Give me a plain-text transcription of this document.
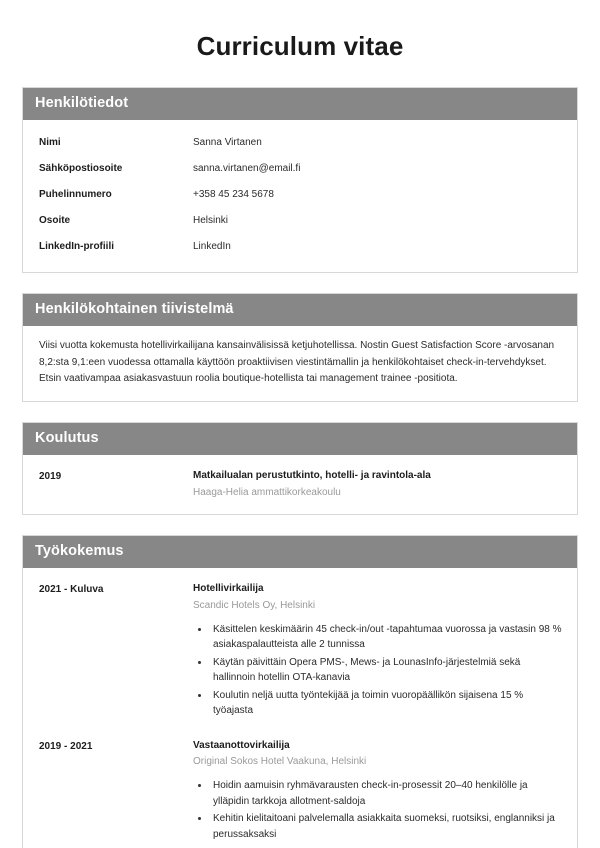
Curriculum vitae
Henkilötiedot
Nimi	Sanna Virtanen
Sähköpostiosoite	sanna.virtanen@email.fi
Puhelinnumero	+358 45 234 5678
Osoite	Helsinki
LinkedIn-profiili	LinkedIn
Henkilökohtainen tiivistelmä

Viisi vuotta kokemusta hotellivirkailijana kansainvälisissä ketjuhotellissa. Nostin Guest Satisfaction Score -arvosanan 8,2:sta 9,1:een vuodessa ottamalla käyttöön proaktiivisen viestintämallin ja henkilökohtaiset check-in-tervehdykset. Etsin vaativampaa asiakasvastuun roolia boutique-hotellista tai management trainee -positiota.

Koulutus
2019	Matkailualan perustutkinto, hotelli- ja ravintola-ala
Haaga-Helia ammattikorkeakoulu
Työkokemus
2021 - Kuluva	Hotellivirkailija
Scandic Hotels Oy, Helsinki
• Käsittelen keskimäärin 45 check-in/out -tapahtumaa vuorossa ja vastasin 98 % asiakaspalautteista alle 2 tunnissa
• Käytän päivittäin Opera PMS-, Mews- ja LounasInfo-järjestelmiä sekä hallinnoin hotellin OTA-kanavia
• Koulutin neljä uutta työntekijää ja toimin vuoropäällikön sijaisena 15 % työajasta
2019 - 2021	Vastaanottovirkailija
Original Sokos Hotel Vaakuna, Helsinki
• Hoidin aamuisin ryhmävarausten check-in-prosessit 20–40 henkilölle ja ylläpidin tarkkoja allotment-saldoja
• Kehitin kielitaitoani palvelemalla asiakkaita suomeksi, ruotsiksi, englanniksi ja perussaksaksi
